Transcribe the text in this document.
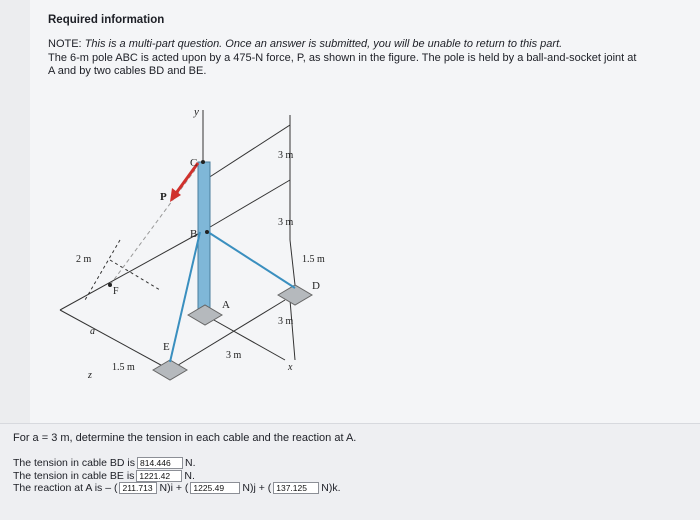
Required information
NOTE: This is a multi-part question. Once an answer is submitted, you will be unable to return to this part.
The 6-m pole ABC is acted upon by a 475-N force, P, as shown in the figure. The pole is held by a ball-and-socket joint at
A and by two cables BD and BE.
y
C
P
B
A
D
E
F
x
z
a
3 m
3 m
1.5 m
3 m
3 m
1.5 m
2 m
For a = 3 m, determine the tension in each cable and the reaction at A.
The tension in cable BD is 814.446	N.
The tension in cable BE is 1221.42	N.
The reaction at A is – ( 211.713 N)i + ( 1225.49	N)j + ( 137.125	N)k.
